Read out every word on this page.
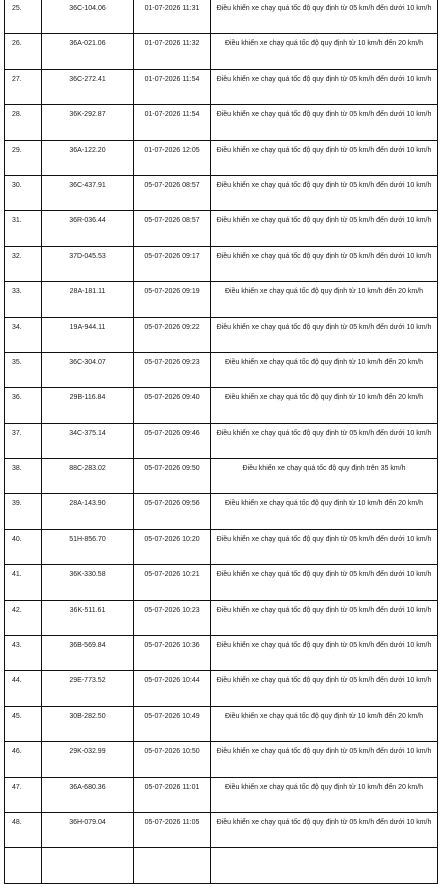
25.	36C-104.06	01-07-2026 11:31	Điều khiển xe chạy quá tốc độ quy định từ 05 km/h đến dưới 10 km/h
26.	36A-021.06	01-07-2026 11:32	Điều khiển xe chạy quá tốc độ quy định từ 10 km/h đến 20 km/h
27.	36C-272.41	01-07-2026 11:54	Điều khiển xe chạy quá tốc độ quy định từ 05 km/h đến dưới 10 km/h
28.	36K-292.87	01-07-2026 11:54	Điều khiển xe chạy quá tốc độ quy định từ 05 km/h đến dưới 10 km/h
29.	36A-122.20	01-07-2026 12:05	Điều khiển xe chạy quá tốc độ quy định từ 05 km/h đến dưới 10 km/h
30.	36C-437.91	05-07-2026 08:57	Điều khiển xe chạy quá tốc độ quy định từ 05 km/h đến dưới 10 km/h
31.	36R-036.44	05-07-2026 08:57	Điều khiển xe chạy quá tốc độ quy định từ 05 km/h đến dưới 10 km/h
32.	37D-045.53	05-07-2026 09:17	Điều khiển xe chạy quá tốc độ quy định từ 05 km/h đến dưới 10 km/h
33.	28A-181.11	05-07-2026 09:19	Điều khiển xe chạy quá tốc độ quy định từ 10 km/h đến 20 km/h
34.	19A-944.11	05-07-2026 09:22	Điều khiển xe chạy quá tốc độ quy định từ 05 km/h đến dưới 10 km/h
35.	36C-304.07	05-07-2026 09:23	Điều khiển xe chạy quá tốc độ quy định từ 10 km/h đến 20 km/h
36.	29B-116.84	05-07-2026 09:40	Điều khiển xe chạy quá tốc độ quy định từ 10 km/h đến 20 km/h
37.	34C-375.14	05-07-2026 09:46	Điều khiển xe chạy quá tốc độ quy định từ 05 km/h đến dưới 10 km/h
38.	88C-283.02	05-07-2026 09:50	Điều khiển xe chạy quá tốc độ quy định trên 35 km/h
39.	28A-143.90	05-07-2026 09:56	Điều khiển xe chạy quá tốc độ quy định từ 10 km/h đến 20 km/h
40.	51H-856.70	05-07-2026 10:20	Điều khiển xe chạy quá tốc độ quy định từ 05 km/h đến dưới 10 km/h
41.	36K-330.58	05-07-2026 10:21	Điều khiển xe chạy quá tốc độ quy định từ 05 km/h đến dưới 10 km/h
42.	36K-511.61	05-07-2026 10:23	Điều khiển xe chạy quá tốc độ quy định từ 05 km/h đến dưới 10 km/h
43.	36B-569.84	05-07-2026 10:36	Điều khiển xe chạy quá tốc độ quy định từ 05 km/h đến dưới 10 km/h
44.	29E-773.52	05-07-2026 10:44	Điều khiển xe chạy quá tốc độ quy định từ 05 km/h đến dưới 10 km/h
45.	30B-282.50	05-07-2026 10:49	Điều khiển xe chạy quá tốc độ quy định từ 10 km/h đến 20 km/h
46.	29K-032.99	05-07-2026 10:50	Điều khiển xe chạy quá tốc độ quy định từ 05 km/h đến dưới 10 km/h
47.	36A-680.36	05-07-2026 11:01	Điều khiển xe chạy quá tốc độ quy định từ 10 km/h đến 20 km/h
48.	36H-079.04	05-07-2026 11:05	Điều khiển xe chạy quá tốc độ quy định từ 05 km/h đến dưới 10 km/h
